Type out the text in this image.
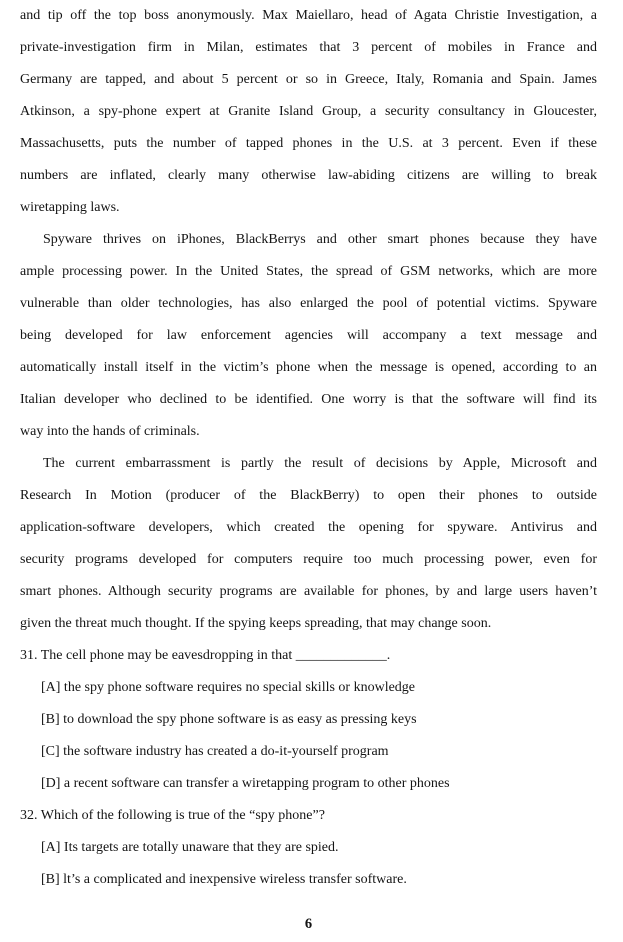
and tip off the top boss anonymously. Max Maiellaro, head of Agata Christie Investigation, a
private-investigation firm in Milan, estimates that 3 percent of mobiles in France and
Germany are tapped, and about 5 percent or so in Greece, Italy, Romania and Spain. James
Atkinson, a spy-phone expert at Granite Island Group, a security consultancy in Gloucester,
Massachusetts, puts the number of tapped phones in the U.S. at 3 percent. Even if these
numbers are inflated, clearly many otherwise law-abiding citizens are willing to break
wiretapping laws.
Spyware thrives on iPhones, BlackBerrys and other smart phones because they have
ample processing power. In the United States, the spread of GSM networks, which are more
vulnerable than older technologies, has also enlarged the pool of potential victims. Spyware
being developed for law enforcement agencies will accompany a text message and
automatically install itself in the victim’s phone when the message is opened, according to an
Italian developer who declined to be identified. One worry is that the software will find its
way into the hands of criminals.
The current embarrassment is partly the result of decisions by Apple, Microsoft and
Research In Motion (producer of the BlackBerry) to open their phones to outside
application-software developers, which created the opening for spyware. Antivirus and
security programs developed for computers require too much processing power, even for
smart phones. Although security programs are available for phones, by and large users haven’t
given the threat much thought. If the spying keeps spreading, that may change soon.
31. The cell phone may be eavesdropping in that _____________.
[A] the spy phone software requires no special skills or knowledge
[B] to download the spy phone software is as easy as pressing keys
[C] the software industry has created a do-it-yourself program
[D] a recent software can transfer a wiretapping program to other phones
32. Which of the following is true of the “spy phone”?
[A] Its targets are totally unaware that they are spied.
[B] lt’s a complicated and inexpensive wireless transfer software.
6
